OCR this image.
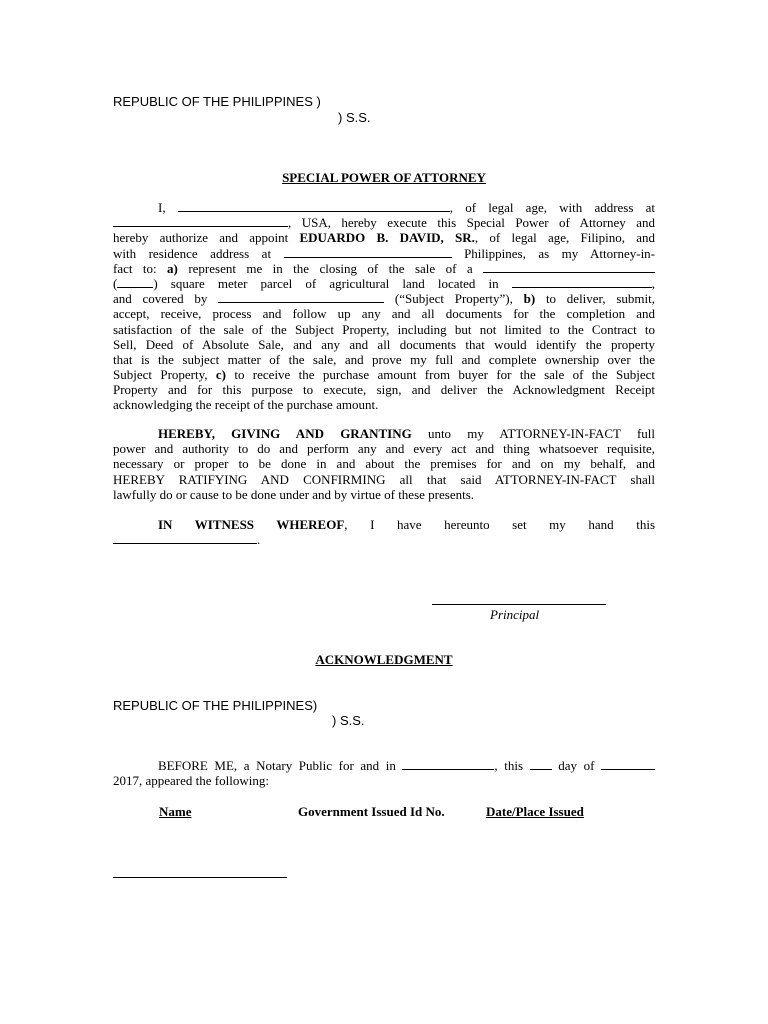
REPUBLIC OF THE PHILIPPINES )
) S.S.
SPECIAL POWER OF ATTORNEY
I,	, of legal age, with address at
, USA, hereby execute this Special Power of Attorney and
hereby authorize and appoint EDUARDO B. DAVID, SR., of legal age, Filipino, and
with residence address at	Philippines, as my Attorney-in-
fact to: a) represent me in the closing of the sale of a
(	) square meter parcel of agricultural land located in	,
and covered by	(“Subject Property”), b) to deliver, submit,
accept, receive, process and follow up any and all documents for the completion and
satisfaction of the sale of the Subject Property, including but not limited to the Contract to
Sell, Deed of Absolute Sale, and any and all documents that would identify the property
that is the subject matter of the sale, and prove my full and complete ownership over the
Subject Property, c) to receive the purchase amount from buyer for the sale of the Subject
Property and for this purpose to execute, sign, and deliver the Acknowledgment Receipt
acknowledging the receipt of the purchase amount.
HEREBY, GIVING AND GRANTING unto my ATTORNEY-IN-FACT full
power and authority to do and perform any and every act and thing whatsoever requisite,
necessary or proper to be done in and about the premises for and on my behalf, and
HEREBY RATIFYING AND CONFIRMING all that said ATTORNEY-IN-FACT shall
lawfully do or cause to be done under and by virtue of these presents.
IN WITNESS WHEREOF, I have hereunto set my hand this
.
Principal
ACKNOWLEDGMENT
REPUBLIC OF THE PHILIPPINES)
) S.S.
BEFORE ME, a Notary Public for and in	, this	day of
2017, appeared the following:
Name	Government Issued Id No.	Date/Place Issued
